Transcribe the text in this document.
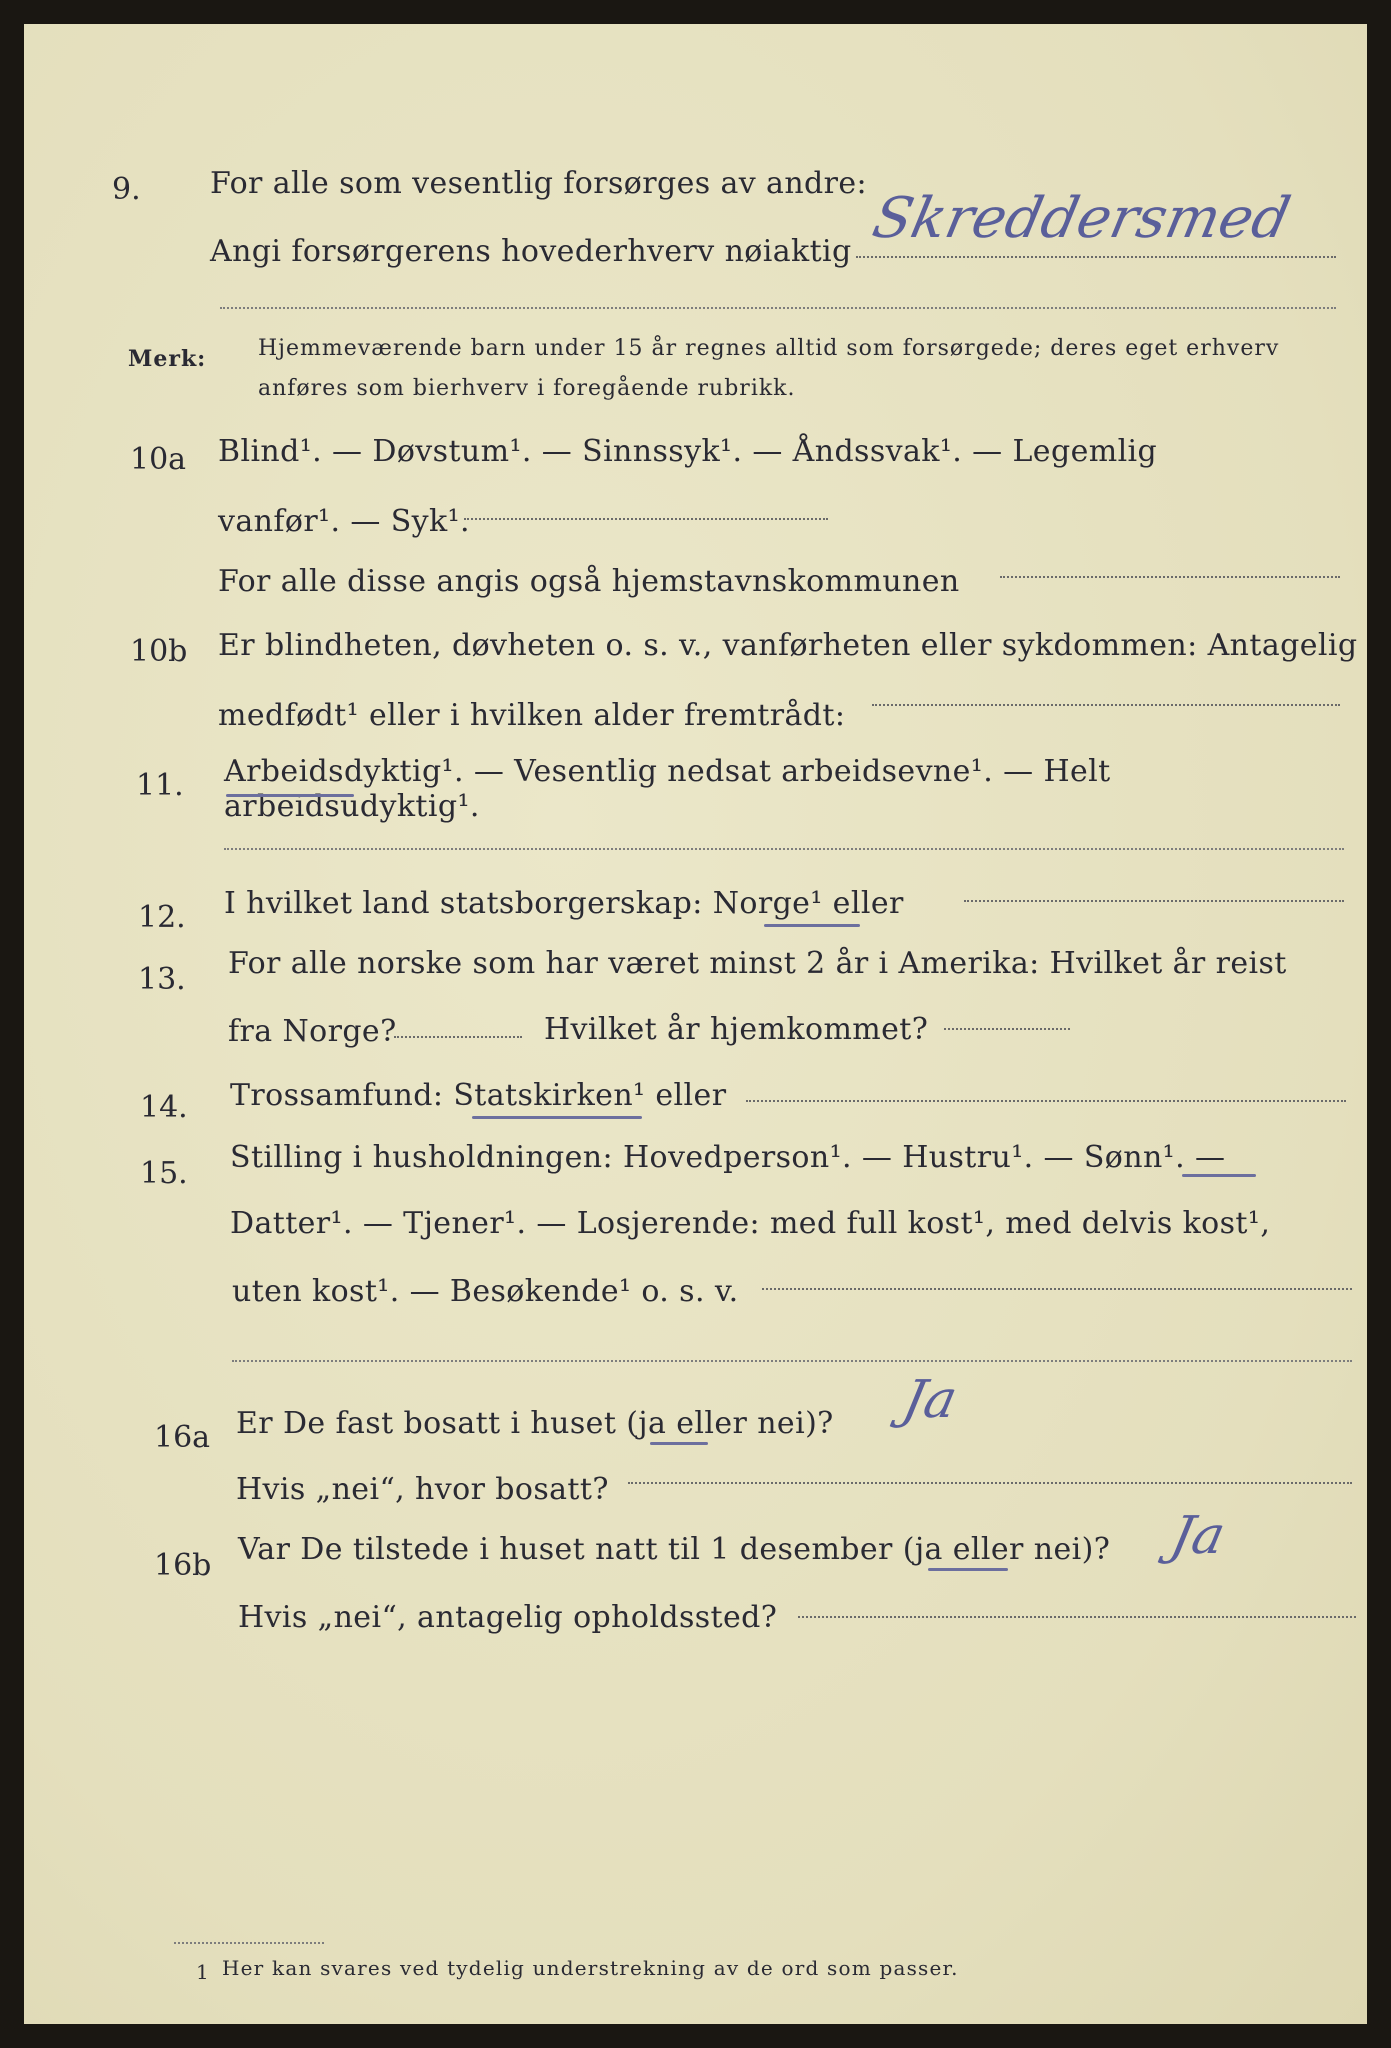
9.	For alle som vesentlig forsørges av andre:
Angi forsørgerens hovederhverv nøiaktig
Skreddersmed
Merk: Hjemmeværende barn under 15 år regnes alltid som forsørgede; deres eget erhverv
anføres som bierhverv i foregående rubrikk.
10a	Blind¹. — Døvstum¹. — Sinnssyk¹. — Åndssvak¹. — Legemlig
vanfør¹. — Syk¹.
For alle disse angis også hjemstavnskommunen
10b	Er blindheten, døvheten o. s. v., vanførheten eller sykdommen: Antagelig
medfødt¹ eller i hvilken alder fremtrådt:
11.	Arbeidsdyktig¹. — Vesentlig nedsat arbeidsevne¹. — Helt arbeidsudyktig¹.
12.	I hvilket land statsborgerskap: Norge¹ eller
13.	For alle norske som har været minst 2 år i Amerika: Hvilket år reist
fra Norge?	Hvilket år hjemkommet?
14.	Trossamfund: Statskirken¹ eller
15.	Stilling i husholdningen: Hovedperson¹. — Hustru¹. — Sønn¹. —
Datter¹. — Tjener¹. — Losjerende: med full kost¹, med delvis kost¹,
uten kost¹. — Besøkende¹ o. s. v.
16a Er De fast bosatt i huset (ja eller nei)? Ja
Hvis „nei“, hvor bosatt?
16b Var De tilstede i huset natt til 1 desember (ja eller nei)? Ja
Hvis „nei“, antagelig opholdssted?
1 Her kan svares ved tydelig understrekning av de ord som passer.
